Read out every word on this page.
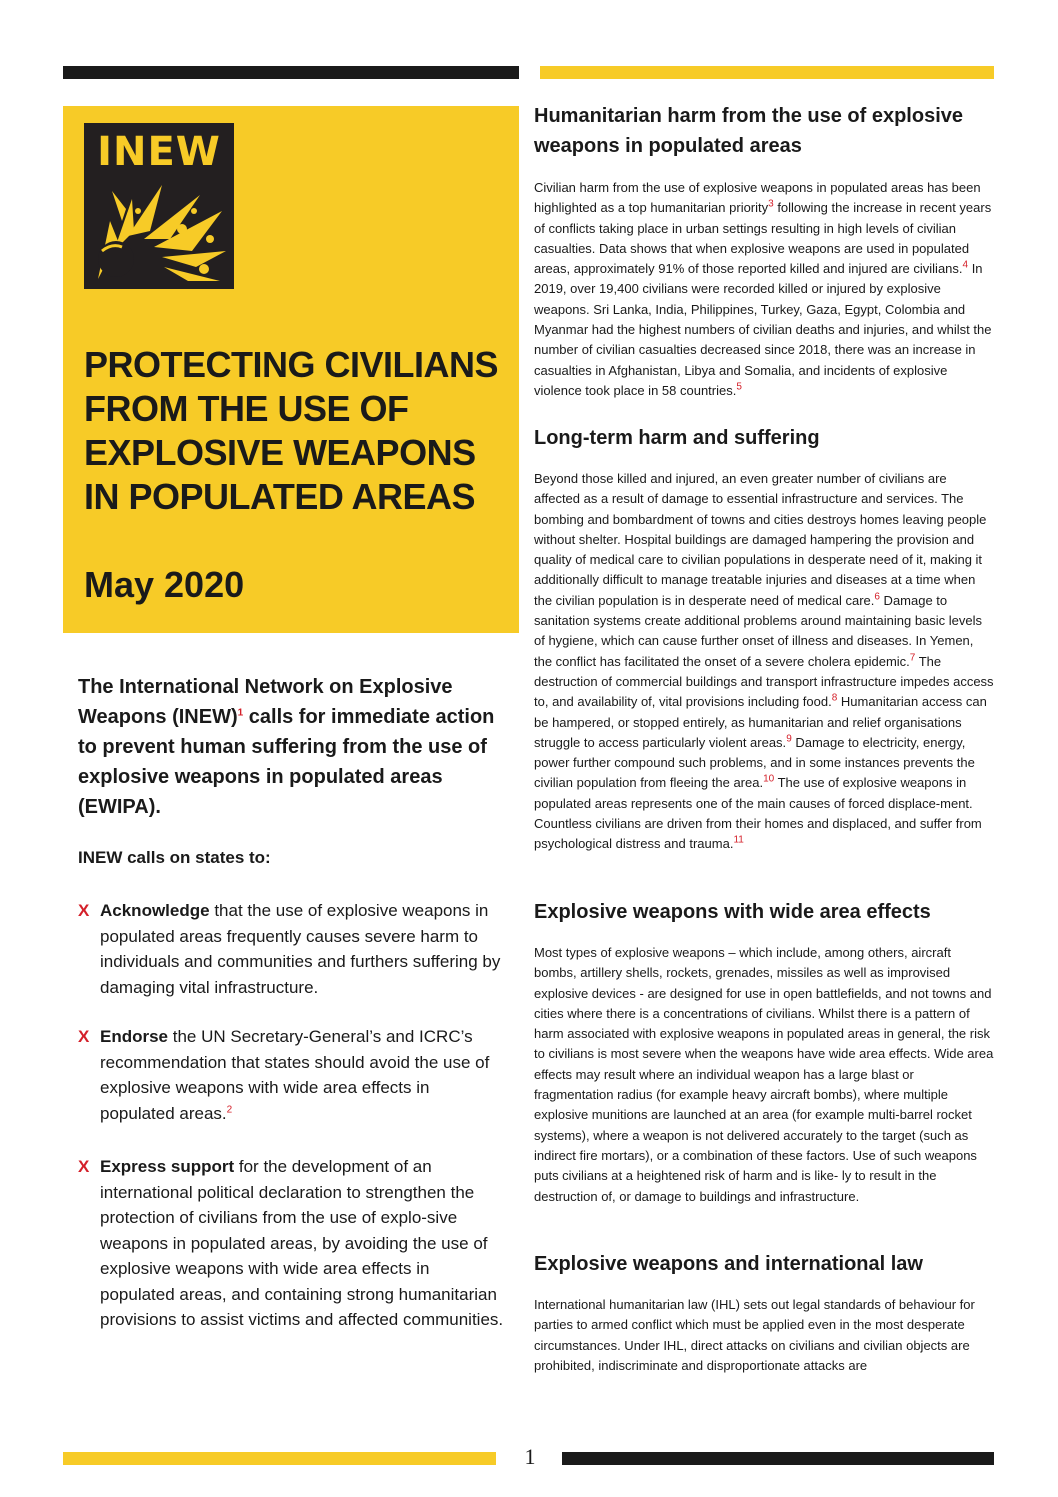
INEW
PROTECTING CIVILIANS FROM THE USE OF EXPLOSIVE WEAPONS IN POPULATED AREAS
May 2020
The International Network on Explosive Weapons (INEW)$^1$ calls for immediate action to prevent human suffering from the use of explosive weapons in populated areas (EWIPA).
INEW calls on states to:
X Acknowledge that the use of explosive weapons in populated areas frequently causes severe harm to individuals and communities and furthers suffering by damaging vital infrastructure.
X Endorse the UN Secretary-General’s and ICRC’s recommendation that states should avoid the use of explosive weapons with wide area effects in populated areas.$^2$
X Express support for the development of an international political declaration to strengthen the protection of civilians from the use of explo-sive weapons in populated areas, by avoiding the use of explosive weapons with wide area effects in populated areas, and containing strong humanitarian provisions to assist victims and affected communities.
Humanitarian harm from the use of explosive weapons in populated areas
Civilian harm from the use of explosive weapons in populated areas has been highlighted as a top humanitarian priority$^3$ following the increase in recent years of conflicts taking place in urban settings resulting in high levels of civilian casualties. Data shows that when explosive weapons are used in populated areas, approximately 91% of those reported killed and injured are civilians.$^4$ In 2019, over 19,400 civilians were recorded killed or injured by explosive weapons. Sri Lanka, India, Philippines, Turkey, Gaza, Egypt, Colombia and Myanmar had the highest numbers of civilian deaths and injuries, and whilst the number of civilian casualties decreased since 2018, there was an increase in casualties in Afghanistan, Libya and Somalia, and incidents of explosive violence took place in 58 countries.$^5$
Long-term harm and suffering
Beyond those killed and injured, an even greater number of civilians are affected as a result of damage to essential infrastructure and services. The bombing and bombardment of towns and cities destroys homes leaving people without shelter. Hospital buildings are damaged hampering the provision and quality of medical care to civilian populations in desperate need of it, making it additionally difficult to manage treatable injuries and diseases at a time when the civilian population is in desperate need of medical care.$^6$ Damage to sanitation systems create additional problems around maintaining basic levels of hygiene, which can cause further onset of illness and diseases. In Yemen, the conflict has facilitated the onset of a severe cholera epidemic.$^7$ The destruction of commercial buildings and transport infrastructure impedes access to, and availability of, vital provisions including food.$^8$ Humanitarian access can be hampered, or stopped entirely, as humanitarian and relief organisations struggle to access particularly violent areas.$^9$ Damage to electricity, energy, power further compound such problems, and in some instances prevents the civilian population from fleeing the area.$^{10}$ The use of explosive weapons in populated areas represents one of the main causes of forced displace-ment. Countless civilians are driven from their homes and displaced, and suffer from psychological distress and trauma.$^{11}$
Explosive weapons with wide area effects
Most types of explosive weapons – which include, among others, aircraft bombs, artillery shells, rockets, grenades, missiles as well as improvised explosive devices - are designed for use in open battlefields, and not towns and cities where there is a concentrations of civilians. Whilst there is a pattern of harm associated with explosive weapons in populated areas in general, the risk to civilians is most severe when the weapons have wide area effects. Wide area effects may result where an individual weapon has a large blast or fragmentation radius (for example heavy aircraft bombs), where multiple explosive munitions are launched at an area (for example multi-barrel rocket systems), where a weapon is not delivered accurately to the target (such as indirect fire mortars), or a combination of these factors. Use of such weapons puts civilians at a heightened risk of harm and is like- ly to result in the destruction of, or damage to buildings and infrastructure.
Explosive weapons and international law
International humanitarian law (IHL) sets out legal standards of behaviour for parties to armed conflict which must be applied even in the most desperate circumstances. Under IHL, direct attacks on civilians and civilian objects are prohibited, indiscriminate and disproportionate attacks are
1
